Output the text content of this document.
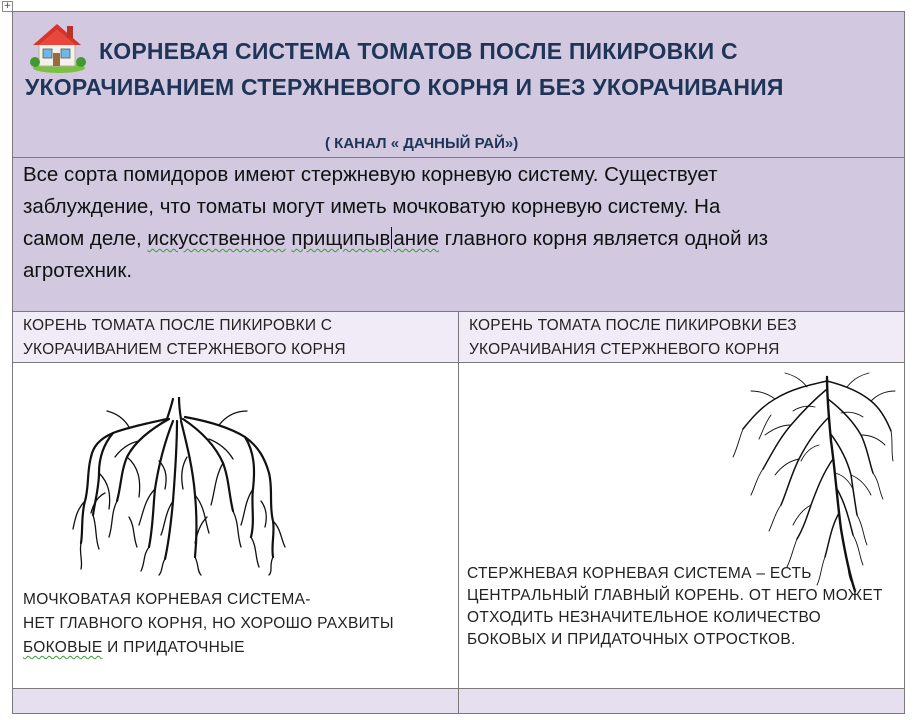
+
КОРНЕВАЯ СИСТЕМА ТОМАТОВ ПОСЛЕ ПИКИРОВКИ С
УКОРАЧИВАНИЕМ СТЕРЖНЕВОГО КОРНЯ И БЕЗ УКОРАЧИВАНИЯ
( КАНАЛ « ДАЧНЫЙ РАЙ»)
Все сорта помидоров имеют стержневую корневую систему. Существует
заблуждение, что томаты могут иметь мочковатую корневую систему. На
самом деле, искусственное прищипыв ание главного корня является одной из
агротехник.
КОРЕНЬ ТОМАТА ПОСЛЕ ПИКИРОВКИ С
УКОРАЧИВАНИЕМ СТЕРЖНЕВОГО КОРНЯ
КОРЕНЬ ТОМАТА ПОСЛЕ ПИКИРОВКИ БЕЗ
УКОРАЧИВАНИЯ СТЕРЖНЕВОГО КОРНЯ
МОЧКОВАТАЯ КОРНЕВАЯ СИСТЕМА-
НЕТ ГЛАВНОГО КОРНЯ, НО ХОРОШО РАХВИТЫ
БОКОВЫЕ И ПРИДАТОЧНЫЕ
СТЕРЖНЕВАЯ КОРНЕВАЯ СИСТЕМА – ЕСТЬ
ЦЕНТРАЛЬНЫЙ ГЛАВНЫЙ КОРЕНЬ. ОТ НЕГО МОЖЕТ
ОТХОДИТЬ НЕЗНАЧИТЕЛЬНОЕ КОЛИЧЕСТВО
БОКОВЫХ И ПРИДАТОЧНЫХ ОТРОСТКОВ.
